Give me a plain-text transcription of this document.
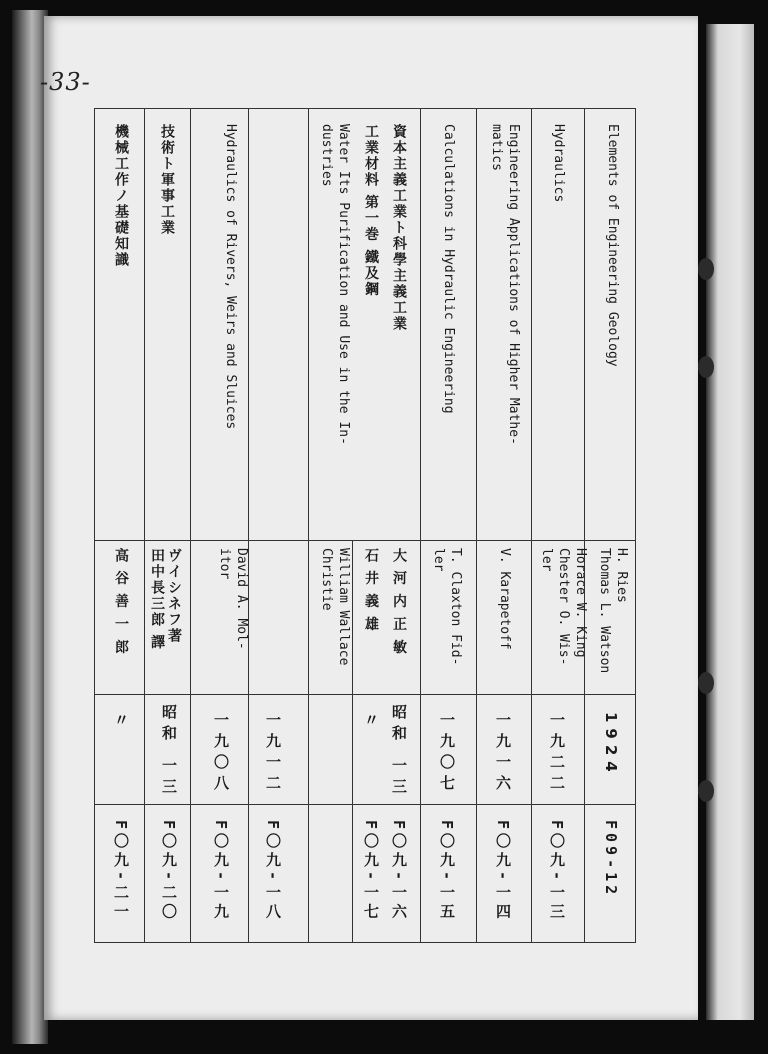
-33-
Elements of Engineering Geology
H. Ries
Thomas L. Watson
1924
F09-12
Hydraulics
Horace W. King
Chester O. Wis-
ler
一九二二
F〇九-一三
Engineering Applications of Higher Mathe-
matics
V. Karapetoff
一九一六
F〇九-一四
Calculations in Hydraulic Engineering
T. Claxton Fid-
ler
一九〇七
F〇九-一五
資本主義工業ト科學主義工業
大 河 内 正 敏
昭和 一三
F〇九-一六
工業材料 第一巻 鐵及鋼
石 井 義 雄
〃
F〇九-一七
Water Its Purification and Use in the In-
dustries
William Wallace
Christie
一九一二
F〇九-一八
Hydraulics of Rivers, Weirs and Sluices
David A. Mol-
itor
一九〇八
F〇九-一九
技術ト軍事工業
ヴイシネフ著
田中長三郎 譯
昭和 一三
F〇九-二〇
機械工作ノ基礎知識
高 谷 善 一 郎
〃
F〇九-二一
